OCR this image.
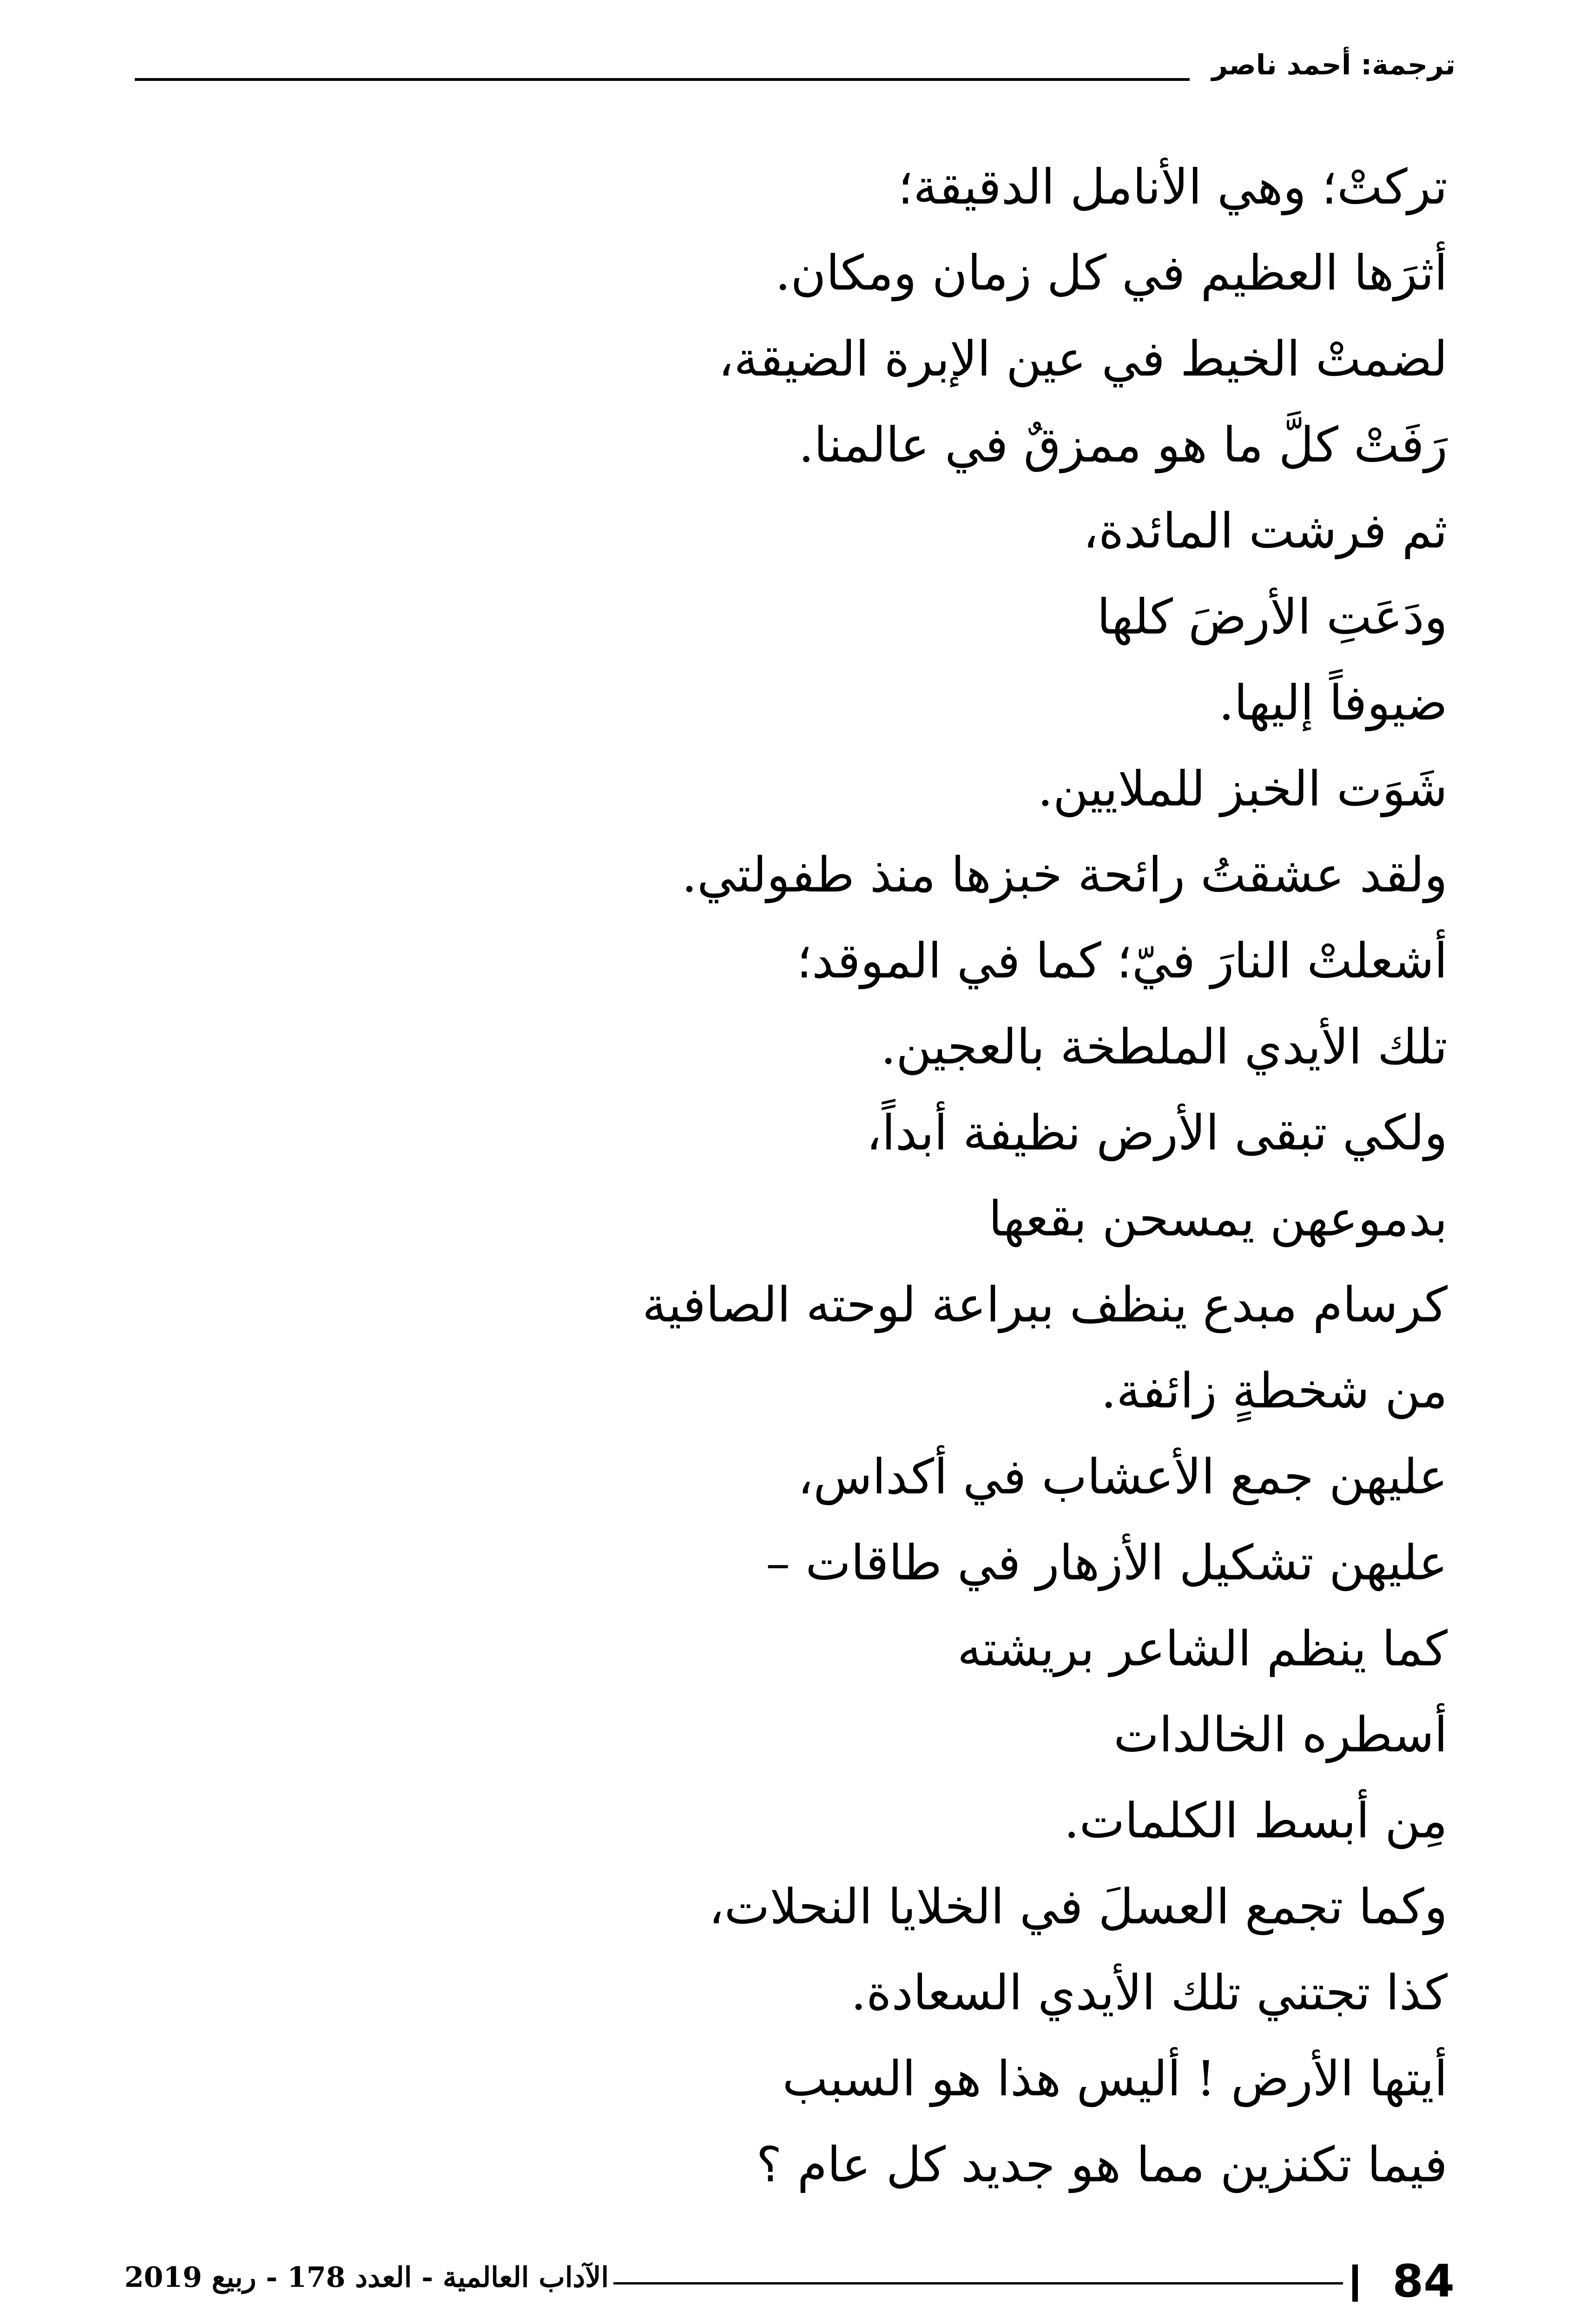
ترجمة: أحمد ناصر
تركتْ؛ وهي الأنامل الدقيقة؛
أثرَها العظيم في كل زمان ومكان.
لضمتْ الخيط في عين الإبرة الضيقة،
رَفَتْ كلَّ ما هو ممزقٌ في عالمنا.
ثم فرشت المائدة،
ودَعَتِ الأرضَ كلها
ضيوفاً إليها.
شَوَت الخبز للملايين.
ولقد عشقتُ رائحة خبزها منذ طفولتي.
أشعلتْ النارَ فيّ؛ كما في الموقد؛
تلك الأيدي الملطخة بالعجين.
ولكي تبقى الأرض نظيفة أبداً،
بدموعهن يمسحن بقعها
كرسام مبدع ينظف ببراعة لوحته الصافية
من شخطةٍ زائفة.
عليهن جمع الأعشاب في أكداس،
عليهن تشكيل الأزهار في طاقات –
كما ينظم الشاعر بريشته
أسطره الخالدات
مِن أبسط الكلمات.
وكما تجمع العسلَ في الخلايا النحلات،
كذا تجتني تلك الأيدي السعادة.
أيتها الأرض ! أليس هذا هو السبب
فيما تكنزين مما هو جديد كل عام ؟
84
الآداب العالمية - العدد 178 - ربيع 2019
